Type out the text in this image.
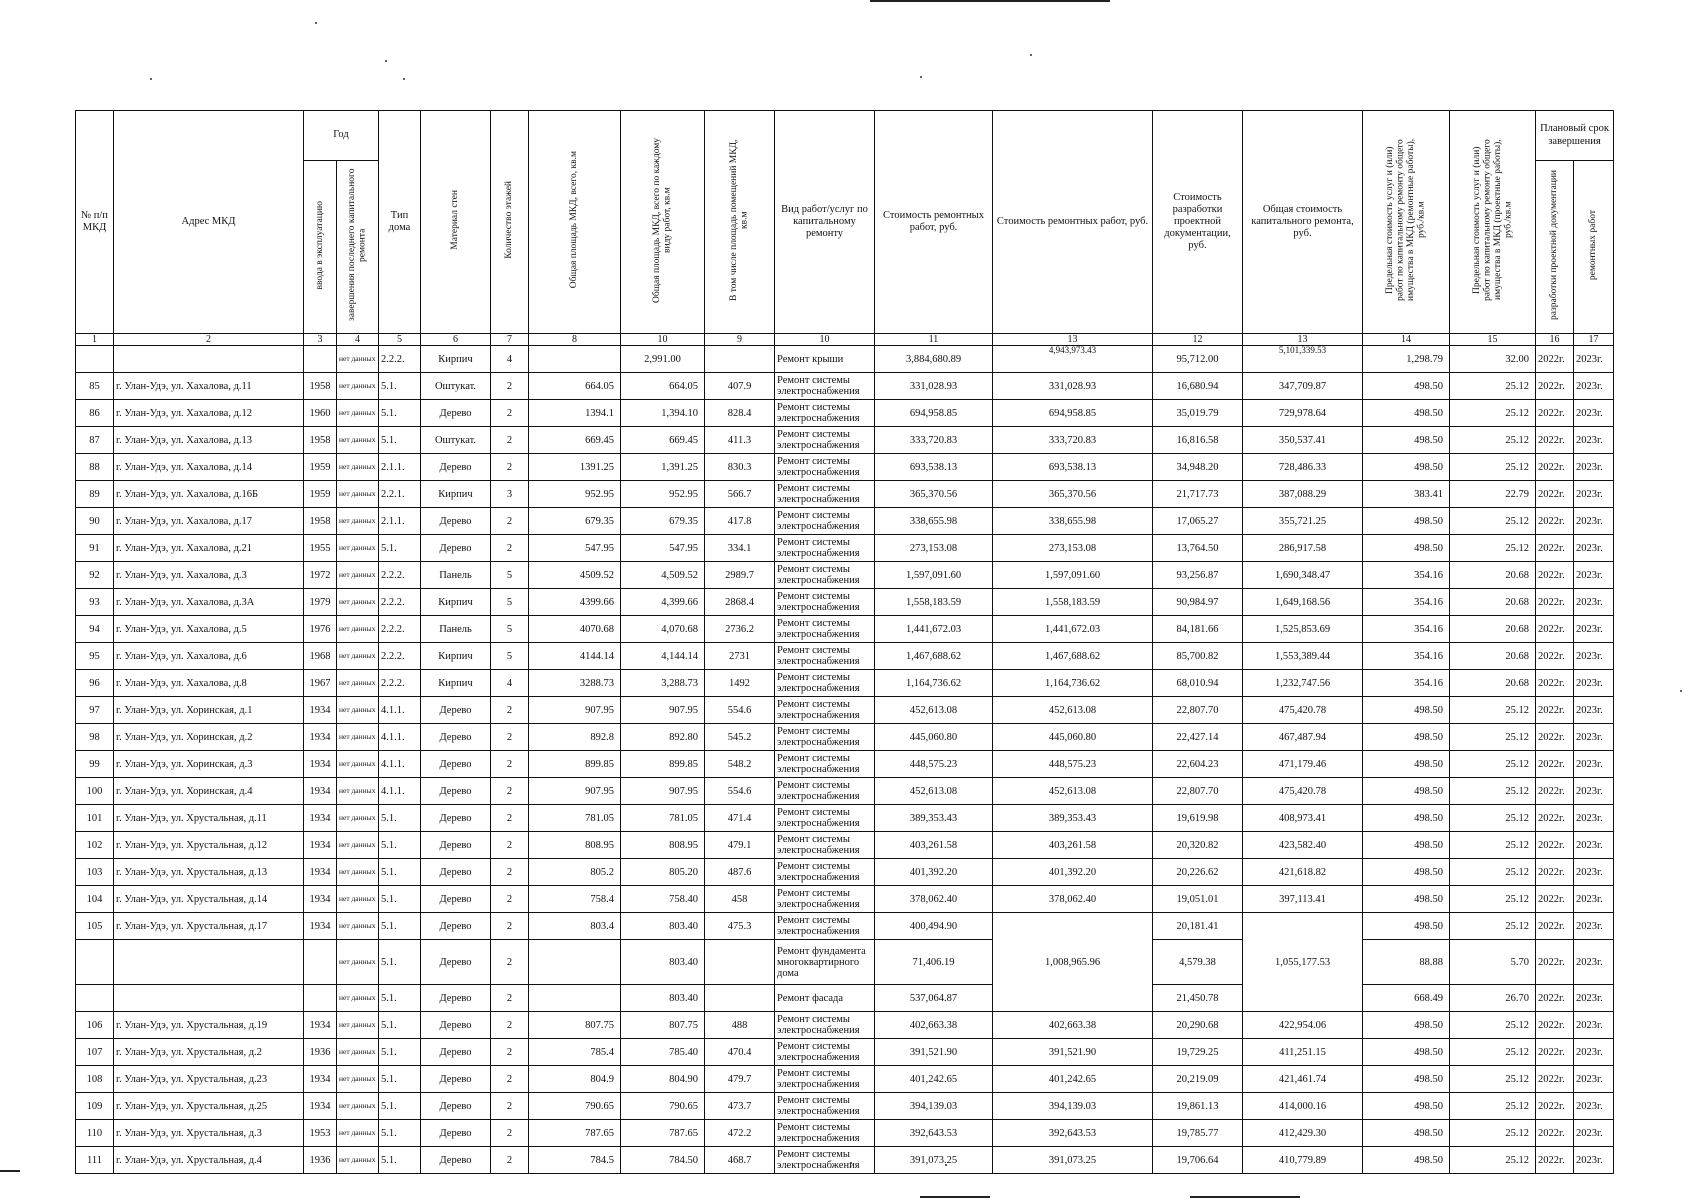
№ п/п МКД	Адрес МКД	Год		Тип дома	Материал стен	Количество этажей	Общая площадь МКД, всего, кв.м	Общая площадь МКД, всего по каждому виду работ, кв.м	В том числе площадь помещений МКД, кв.м	Вид работ/услуг по капитальному ремонту	Стоимость ремонтных работ, руб.	Стоимость ремонтных работ, руб.	Стоимость разработки проектной документации, руб.	Общая стоимость капитального ремонта, руб.	Предельная стоимость услуг и (или) работ по капитальному ремонту общего имущества в МКД (ремонтные работы), руб./кв.м	Предельная стоимость услуг и (или) работ по капитальному ремонту общего имущества в МКД (проектные работы), руб./кв.м	Плановый срок завершения	
		ввода в эксплуатацию	завершения последнего капитального ремонта														разработки проектной документации	ремонтных работ
1	2	3	4	5	6	7	8	10	9	10	11	13	12	13	14	15	16	17

			нет данных	2.2.2.	Кирпич	4		2,991.00		Ремонт крыши	3,884,680.89	4,943,973.43	95,712.00	5,101,339.53	1,298.79	32.00	2022г.	2023г.
85	г. Улан-Удэ, ул. Хахалова, д.11	1958	нет данных	5.1.	Оштукат.	2	664.05	664.05	407.9	Ремонт системы электроснабжения	331,028.93	331,028.93	16,680.94	347,709.87	498.50	25.12	2022г.	2023г.
86	г. Улан-Удэ, ул. Хахалова, д.12	1960	нет данных	5.1.	Дерево	2	1394.1	1,394.10	828.4	Ремонт системы электроснабжения	694,958.85	694,958.85	35,019.79	729,978.64	498.50	25.12	2022г.	2023г.
87	г. Улан-Удэ, ул. Хахалова, д.13	1958	нет данных	5.1.	Оштукат.	2	669.45	669.45	411.3	Ремонт системы электроснабжения	333,720.83	333,720.83	16,816.58	350,537.41	498.50	25.12	2022г.	2023г.
88	г. Улан-Удэ, ул. Хахалова, д.14	1959	нет данных	2.1.1.	Дерево	2	1391.25	1,391.25	830.3	Ремонт системы электроснабжения	693,538.13	693,538.13	34,948.20	728,486.33	498.50	25.12	2022г.	2023г.
89	г. Улан-Удэ, ул. Хахалова, д.16Б	1959	нет данных	2.2.1.	Кирпич	3	952.95	952.95	566.7	Ремонт системы электроснабжения	365,370.56	365,370.56	21,717.73	387,088.29	383.41	22.79	2022г.	2023г.
90	г. Улан-Удэ, ул. Хахалова, д.17	1958	нет данных	2.1.1.	Дерево	2	679.35	679.35	417.8	Ремонт системы электроснабжения	338,655.98	338,655.98	17,065.27	355,721.25	498.50	25.12	2022г.	2023г.
91	г. Улан-Удэ, ул. Хахалова, д.21	1955	нет данных	5.1.	Дерево	2	547.95	547.95	334.1	Ремонт системы электроснабжения	273,153.08	273,153.08	13,764.50	286,917.58	498.50	25.12	2022г.	2023г.
92	г. Улан-Удэ, ул. Хахалова, д.3	1972	нет данных	2.2.2.	Панель	5	4509.52	4,509.52	2989.7	Ремонт системы электроснабжения	1,597,091.60	1,597,091.60	93,256.87	1,690,348.47	354.16	20.68	2022г.	2023г.
93	г. Улан-Удэ, ул. Хахалова, д.3А	1979	нет данных	2.2.2.	Кирпич	5	4399.66	4,399.66	2868.4	Ремонт системы электроснабжения	1,558,183.59	1,558,183.59	90,984.97	1,649,168.56	354.16	20.68	2022г.	2023г.
94	г. Улан-Удэ, ул. Хахалова, д.5	1976	нет данных	2.2.2.	Панель	5	4070.68	4,070.68	2736.2	Ремонт системы электроснабжения	1,441,672.03	1,441,672.03	84,181.66	1,525,853.69	354.16	20.68	2022г.	2023г.
95	г. Улан-Удэ, ул. Хахалова, д.6	1968	нет данных	2.2.2.	Кирпич	5	4144.14	4,144.14	2731	Ремонт системы электроснабжения	1,467,688.62	1,467,688.62	85,700.82	1,553,389.44	354.16	20.68	2022г.	2023г.
96	г. Улан-Удэ, ул. Хахалова, д.8	1967	нет данных	2.2.2.	Кирпич	4	3288.73	3,288.73	1492	Ремонт системы электроснабжения	1,164,736.62	1,164,736.62	68,010.94	1,232,747.56	354.16	20.68	2022г.	2023г.
97	г. Улан-Удэ, ул. Хоринская, д.1	1934	нет данных	4.1.1.	Дерево	2	907.95	907.95	554.6	Ремонт системы электроснабжения	452,613.08	452,613.08	22,807.70	475,420.78	498.50	25.12	2022г.	2023г.
98	г. Улан-Удэ, ул. Хоринская, д.2	1934	нет данных	4.1.1.	Дерево	2	892.8	892.80	545.2	Ремонт системы электроснабжения	445,060.80	445,060.80	22,427.14	467,487.94	498.50	25.12	2022г.	2023г.
99	г. Улан-Удэ, ул. Хоринская, д.3	1934	нет данных	4.1.1.	Дерево	2	899.85	899.85	548.2	Ремонт системы электроснабжения	448,575.23	448,575.23	22,604.23	471,179.46	498.50	25.12	2022г.	2023г.
100	г. Улан-Удэ, ул. Хоринская, д.4	1934	нет данных	4.1.1.	Дерево	2	907.95	907.95	554.6	Ремонт системы электроснабжения	452,613.08	452,613.08	22,807.70	475,420.78	498.50	25.12	2022г.	2023г.
101	г. Улан-Удэ, ул. Хрустальная, д.11	1934	нет данных	5.1.	Дерево	2	781.05	781.05	471.4	Ремонт системы электроснабжения	389,353.43	389,353.43	19,619.98	408,973.41	498.50	25.12	2022г.	2023г.
102	г. Улан-Удэ, ул. Хрустальная, д.12	1934	нет данных	5.1.	Дерево	2	808.95	808.95	479.1	Ремонт системы электроснабжения	403,261.58	403,261.58	20,320.82	423,582.40	498.50	25.12	2022г.	2023г.
103	г. Улан-Удэ, ул. Хрустальная, д.13	1934	нет данных	5.1.	Дерево	2	805.2	805.20	487.6	Ремонт системы электроснабжения	401,392.20	401,392.20	20,226.62	421,618.82	498.50	25.12	2022г.	2023г.
104	г. Улан-Удэ, ул. Хрустальная, д.14	1934	нет данных	5.1.	Дерево	2	758.4	758.40	458	Ремонт системы электроснабжения	378,062.40	378,062.40	19,051.01	397,113.41	498.50	25.12	2022г.	2023г.
105	г. Улан-Удэ, ул. Хрустальная, д.17	1934	нет данных	5.1.	Дерево	2	803.4	803.40	475.3	Ремонт системы электроснабжения	400,494.90	1,008,965.96	20,181.41	1,055,177.53	498.50	25.12	2022г.	2023г.

			нет данных	5.1.	Дерево	2		803.40		Ремонт фундамента многоквартирного дома	71,406.19		4,579.38		88.88	5.70	2022г.	2023г.

			нет данных	5.1.	Дерево	2		803.40		Ремонт фасада	537,064.87		21,450.78		668.49	26.70	2022г.	2023г.
106	г. Улан-Удэ, ул. Хрустальная, д.19	1934	нет данных	5.1.	Дерево	2	807.75	807.75	488	Ремонт системы электроснабжения	402,663.38	402,663.38	20,290.68	422,954.06	498.50	25.12	2022г.	2023г.
107	г. Улан-Удэ, ул. Хрустальная, д.2	1936	нет данных	5.1.	Дерево	2	785.4	785.40	470.4	Ремонт системы электроснабжения	391,521.90	391,521.90	19,729.25	411,251.15	498.50	25.12	2022г.	2023г.
108	г. Улан-Удэ, ул. Хрустальная, д.23	1934	нет данных	5.1.	Дерево	2	804.9	804.90	479.7	Ремонт системы электроснабжения	401,242.65	401,242.65	20,219.09	421,461.74	498.50	25.12	2022г.	2023г.
109	г. Улан-Удэ, ул. Хрустальная, д.25	1934	нет данных	5.1.	Дерево	2	790.65	790.65	473.7	Ремонт системы электроснабжения	394,139.03	394,139.03	19,861.13	414,000.16	498.50	25.12	2022г.	2023г.
110	г. Улан-Удэ, ул. Хрустальная, д.3	1953	нет данных	5.1.	Дерево	2	787.65	787.65	472.2	Ремонт системы электроснабжения	392,643.53	392,643.53	19,785.77	412,429.30	498.50	25.12	2022г.	2023г.
111	г. Улан-Удэ, ул. Хрустальная, д.4	1936	нет данных	5.1.	Дерево	2	784.5	784.50	468.7	Ремонт системы электроснабжения	391,073.25	391,073.25	19,706.64	410,779.89	498.50	25.12	2022г.	2023г.
